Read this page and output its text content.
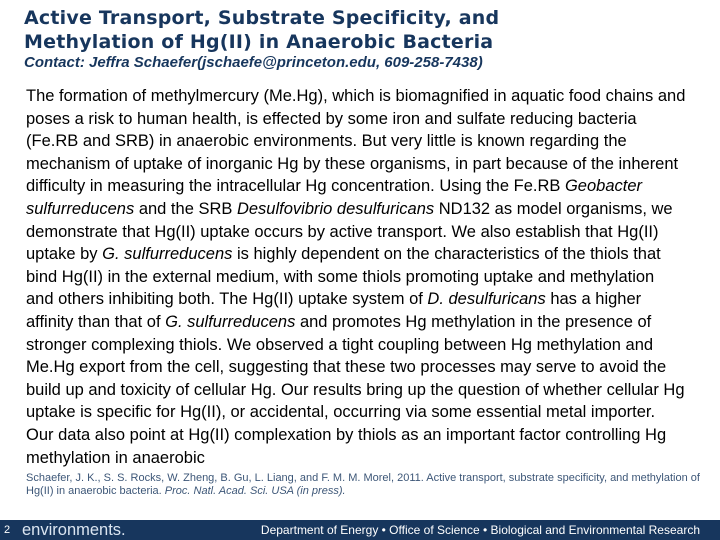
Active Transport, Substrate Specificity, and
Methylation of Hg(II) in Anaerobic Bacteria

Contact: Jeffra Schaefer(jschaefe@princeton.edu, 609-258-7438)

The formation of methylmercury (Me.Hg), which is biomagnified in aquatic food chains and poses a risk to human health, is effected by some iron and sulfate reducing bacteria (Fe.RB and SRB) in anaerobic environments. But very little is known regarding the mechanism of uptake of inorganic Hg by these organisms, in part because of the inherent difficulty in measuring the intracellular Hg concentration. Using the Fe.RB Geobacter sulfurreducens and the SRB Desulfovibrio desulfuricans ND132 as model organisms, we demonstrate that Hg(II) uptake occurs by active transport. We also establish that Hg(II) uptake by G. sulfurreducens is highly dependent on the characteristics of the thiols that bind Hg(II) in the external medium, with some thiols promoting uptake and methylation and others inhibiting both. The Hg(II) uptake system of D. desulfuricans has a higher affinity than that of G. sulfurreducens and promotes Hg methylation in the presence of stronger complexing thiols. We observed a tight coupling between Hg methylation and Me.Hg export from the cell, suggesting that these two processes may serve to avoid the build up and toxicity of cellular Hg. Our results bring up the question of whether cellular Hg uptake is specific for Hg(II), or accidental, occurring via some essential metal importer. Our data also point at Hg(II) complexation by thiols as an important factor controlling Hg methylation in anaerobic

Schaefer, J. K., S. S. Rocks, W. Zheng, B. Gu, L. Liang, and F. M. M. Morel, 2011. Active transport, substrate specificity, and methylation of Hg(II) in anaerobic bacteria. Proc. Natl. Acad. Sci. USA (in press).

2 environments.	Department of Energy • Office of Science • Biological and Environmental Research
